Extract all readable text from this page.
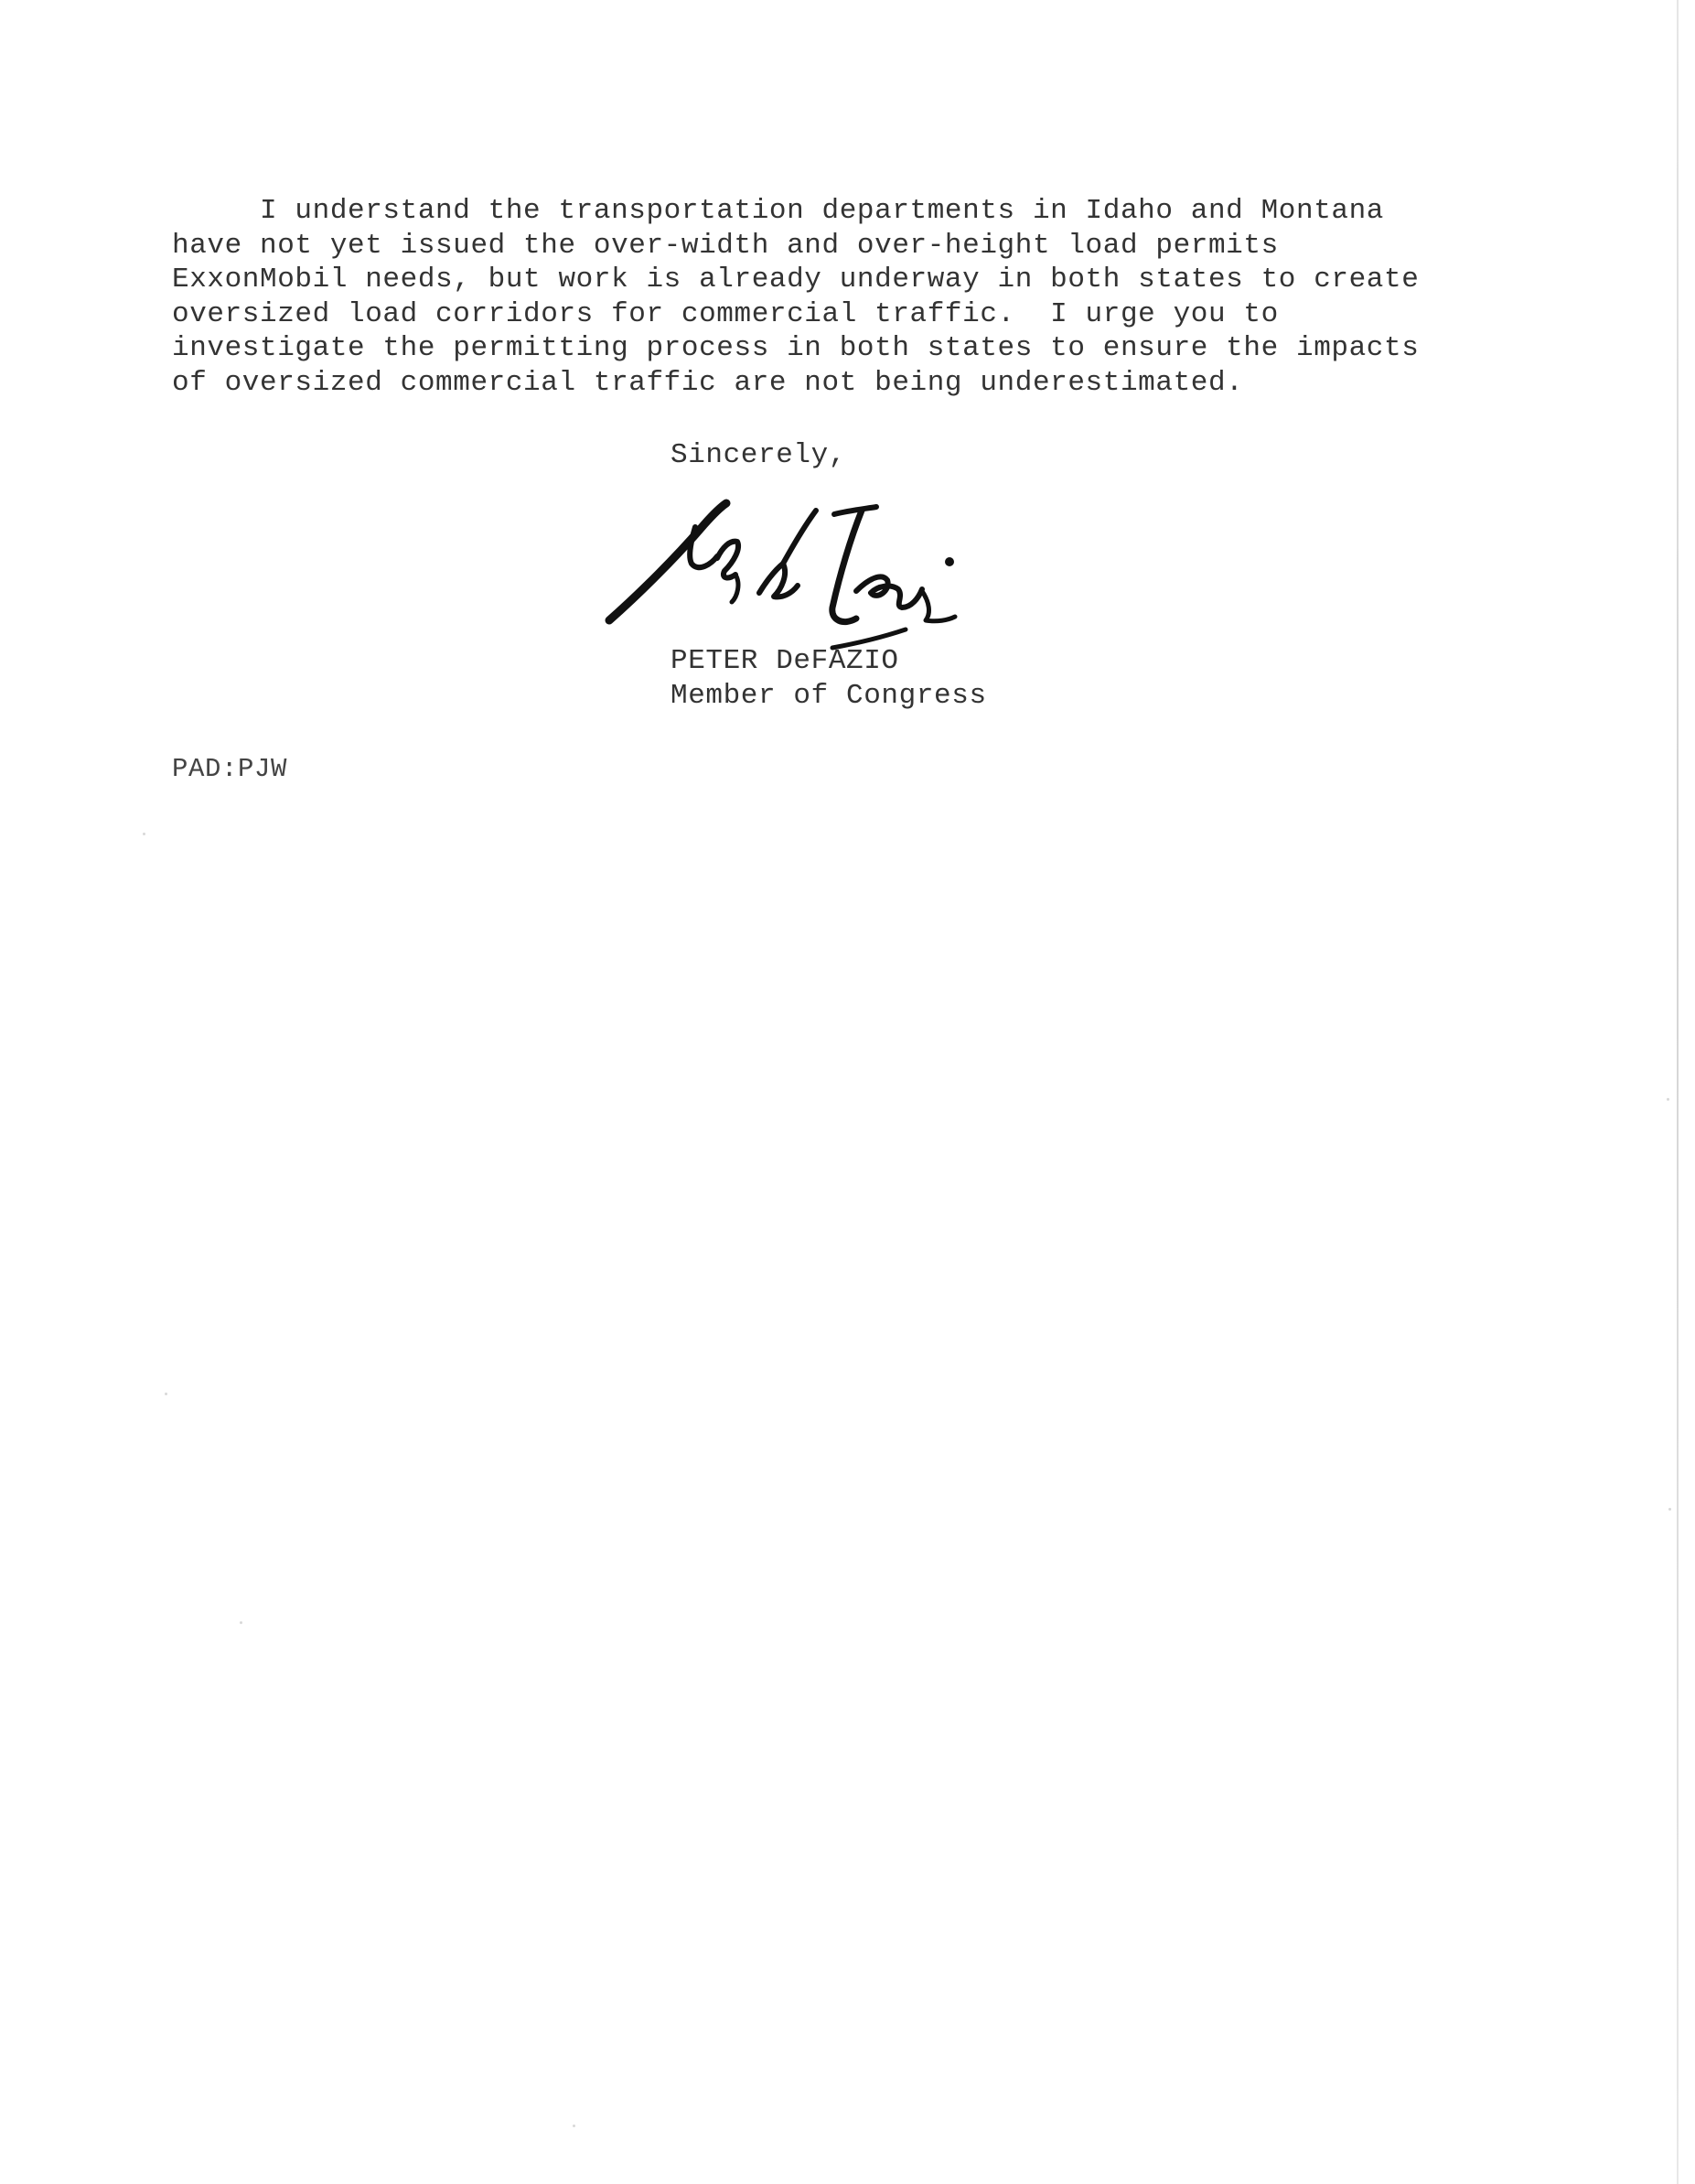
I understand the transportation departments in Idaho and Montana
have not yet issued the over-width and over-height load permits
ExxonMobil needs, but work is already underway in both states to create
oversized load corridors for commercial traffic.  I urge you to
investigate the permitting process in both states to ensure the impacts
of oversized commercial traffic are not being underestimated.
Sincerely,
PETER DeFAZIO
Member of Congress
PAD:PJW
